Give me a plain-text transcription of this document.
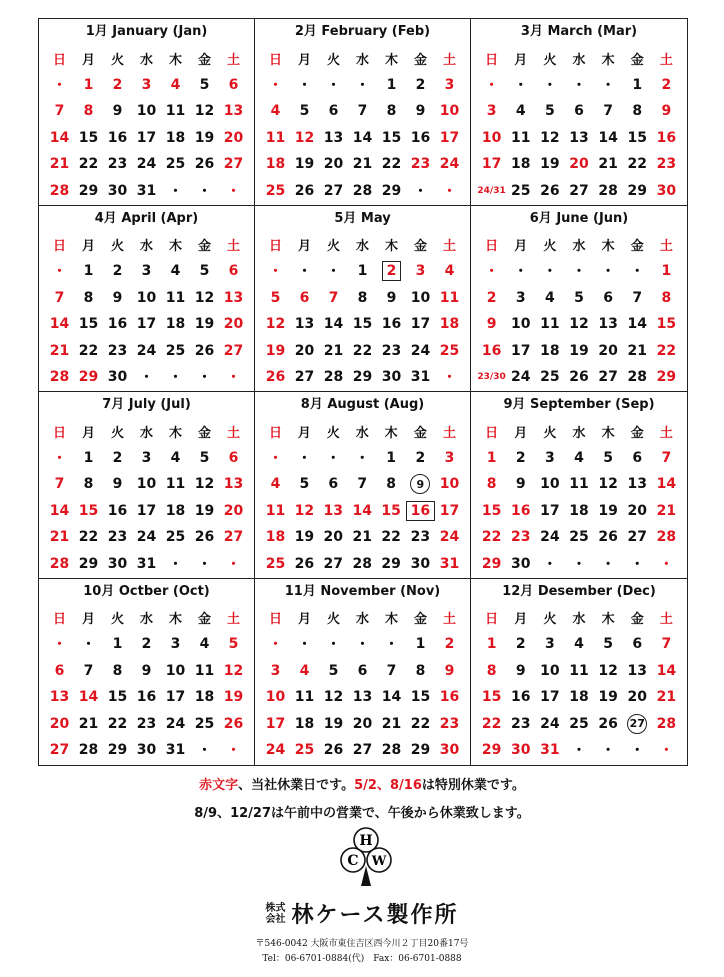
1月 January (Jan)
日	月	火	水	木	金	土
・ 1 2 3 4 5 6
7 8 9 10 11 12 13
14 15 16 17 18 19 20
21 22 23 24 25 26 27
28 29 30 31 ・ ・ ・
2月 February (Feb)
日	月	火	水	木	金	土
・ ・ ・ ・ 1 2 3
4 5 6 7 8 9 10
11 12 13 14 15 16 17
18 19 20 21 22 23 24
25 26 27 28 29 ・ ・
3月 March (Mar)
日	月	火	水	木	金	土
・ ・ ・ ・ ・ 1 2
3 4 5 6 7 8 9
10 11 12 13 14 15 16
17 18 19 20 21 22 23
24/31 25 26 27 28 29 30
4月 April (Apr)
日	月	火	水	木	金	土
・ 1 2 3 4 5 6
7 8 9 10 11 12 13
14 15 16 17 18 19 20
21 22 23 24 25 26 27
28 29 30 ・ ・ ・ ・
5月 May
日	月	火	水	木	金	土
・ ・ ・ 1	2	3 4
5 6 7 8 9 10 11
12 13 14 15 16 17 18
19 20 21 22 23 24 25
26 27 28 29 30 31 ・
6月 June (Jun)
日	月	火	水	木	金	土
・ ・ ・ ・ ・ ・ 1
2 3 4 5 6 7 8
9 10 11 12 13 14 15
16 17 18 19 20 21 22
23/30 24 25 26 27 28 29
7月 July (Jul)
日	月	火	水	木	金	土
・ 1 2 3 4 5 6
7 8 9 10 11 12 13
14 15 16 17 18 19 20
21 22 23 24 25 26 27
28 29 30 31 ・ ・ ・
8月 August (Aug)
日	月	火	水	木	金	土
・ ・ ・ ・ 1 2 3
4 5 6 7 8	9	10
11 12 13 14 15 16 17
18 19 20 21 22 23 24
25 26 27 28 29 30 31
9月 September (Sep)
日	月	火	水	木	金	土
1 2 3 4 5 6 7
8 9 10 11 12 13 14
15 16 17 18 19 20 21
22 23 24 25 26 27 28
29 30 ・ ・ ・ ・ ・
10月 Octber (Oct)
日	月	火	水	木	金	土
・ ・ 1 2 3 4 5
6 7 8 9 10 11 12
13 14 15 16 17 18 19
20 21 22 23 24 25 26
27 28 29 30 31 ・ ・
11月 November (Nov)
日	月	火	水	木	金	土
・ ・ ・ ・ ・ 1 2
3 4 5 6 7 8 9
10 11 12 13 14 15 16
17 18 19 20 21 22 23
24 25 26 27 28 29 30
12月 Desember (Dec)
日	月	火	水	木	金	土
1 2 3 4 5 6 7
8 9 10 11 12 13 14
15 16 17 18 19 20 21
22 23 24 25 26 27 28
29 30 31 ・ ・ ・ ・
赤文字、当社休業日です。5/2、8/16は特別休業です。
8/9、12/27は午前中の営業で、午後から休業致します。
H
C W
株式
会社 林ケース製作所
〒546-0042 大阪市東住吉区西今川２丁目20番17号
Tel：06-6701-0884(代)　Fax：06-6701-0888
